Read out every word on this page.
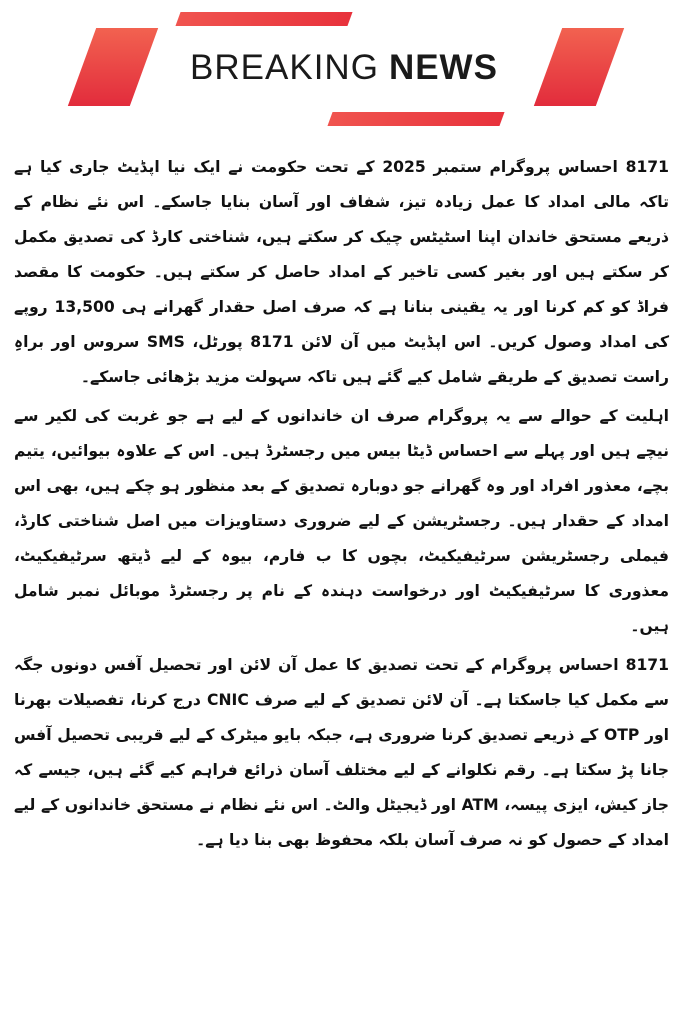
BREAKING NEWS

8171 احساس پروگرام ستمبر 2025 کے تحت حکومت نے ایک نیا اپڈیٹ جاری کیا ہے تاکہ مالی امداد کا عمل زیادہ تیز، شفاف اور آسان بنایا جاسکے۔ اس نئے نظام کے ذریعے مستحق خاندان اپنا اسٹیٹس چیک کر سکتے ہیں، شناختی کارڈ کی تصدیق مکمل کر سکتے ہیں اور بغیر کسی تاخیر کے امداد حاصل کر سکتے ہیں۔ حکومت کا مقصد فراڈ کو کم کرنا اور یہ یقینی بنانا ہے کہ صرف اصل حقدار گھرانے ہی 13,500 روپے کی امداد وصول کریں۔ اس اپڈیٹ میں آن لائن 8171 پورٹل، SMS سروس اور براہِ راست تصدیق کے طریقے شامل کیے گئے ہیں تاکہ سہولت مزید بڑھائی جاسکے۔

اہلیت کے حوالے سے یہ پروگرام صرف ان خاندانوں کے لیے ہے جو غربت کی لکیر سے نیچے ہیں اور پہلے سے احساس ڈیٹا بیس میں رجسٹرڈ ہیں۔ اس کے علاوہ بیوائیں، یتیم بچے، معذور افراد اور وہ گھرانے جو دوبارہ تصدیق کے بعد منظور ہو چکے ہیں، بھی اس امداد کے حقدار ہیں۔ رجسٹریشن کے لیے ضروری دستاویزات میں اصل شناختی کارڈ، فیملی رجسٹریشن سرٹیفیکیٹ، بچوں کا ب فارم، بیوہ کے لیے ڈیتھ سرٹیفیکیٹ، معذوری کا سرٹیفیکیٹ اور درخواست دہندہ کے نام پر رجسٹرڈ موبائل نمبر شامل ہیں۔

8171 احساس پروگرام کے تحت تصدیق کا عمل آن لائن اور تحصیل آفس دونوں جگہ سے مکمل کیا جاسکتا ہے۔ آن لائن تصدیق کے لیے صرف CNIC درج کرنا، تفصیلات بھرنا اور OTP کے ذریعے تصدیق کرنا ضروری ہے، جبکہ بایو میٹرک کے لیے قریبی تحصیل آفس جانا پڑ سکتا ہے۔ رقم نکلوانے کے لیے مختلف آسان ذرائع فراہم کیے گئے ہیں، جیسے کہ جاز کیش، ایزی پیسہ، ATM اور ڈیجیٹل والٹ۔ اس نئے نظام نے مستحق خاندانوں کے لیے امداد کے حصول کو نہ صرف آسان بلکہ محفوظ بھی بنا دیا ہے۔
